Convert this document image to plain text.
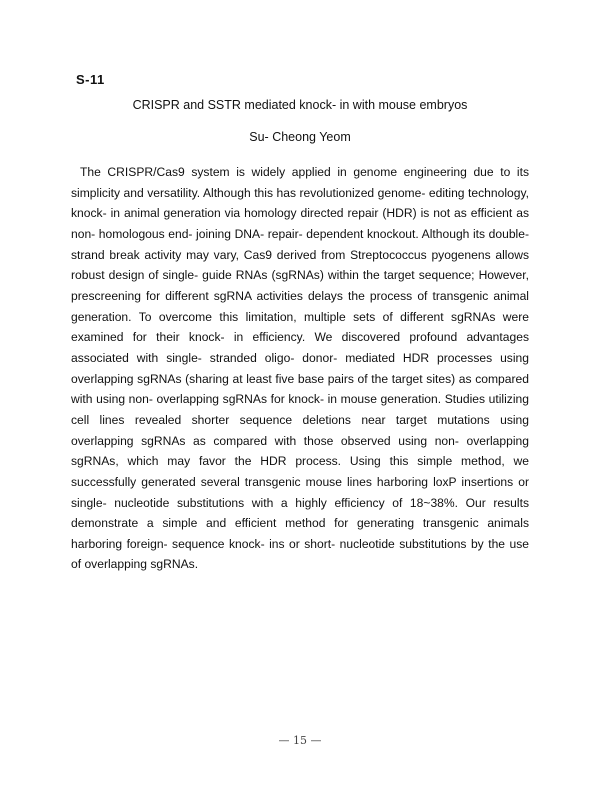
S-11
CRISPR and SSTR mediated knock- in with mouse embryos
Su- Cheong Yeom

The CRISPR/Cas9 system is widely applied in genome engineering due to its simplicity and versatility. Although this has revolutionized genome- editing technology, knock- in animal generation via homology directed repair (HDR) is not as efficient as non- homologous end- joining DNA- repair- dependent knockout. Although its double- strand break activity may vary, Cas9 derived from Streptococcus pyogenens allows robust design of single- guide RNAs (sgRNAs) within the target sequence; However, prescreening for different sgRNA activities delays the process of transgenic animal generation. To overcome this limitation, multiple sets of different sgRNAs were examined for their knock- in efficiency. We discovered profound advantages associated with single- stranded oligo- donor- mediated HDR processes using overlapping sgRNAs (sharing at least five base pairs of the target sites) as compared with using non- overlapping sgRNAs for knock- in mouse generation. Studies utilizing cell lines revealed shorter sequence deletions near target mutations using overlapping sgRNAs as compared with those observed using non- overlapping sgRNAs, which may favor the HDR process. Using this simple method, we successfully generated several transgenic mouse lines harboring loxP insertions or single- nucleotide substitutions with a highly efficiency of 18~38%. Our results demonstrate a simple and efficient method for generating transgenic animals harboring foreign- sequence knock- ins or short- nucleotide substitutions by the use of overlapping sgRNAs.

— 15 —
